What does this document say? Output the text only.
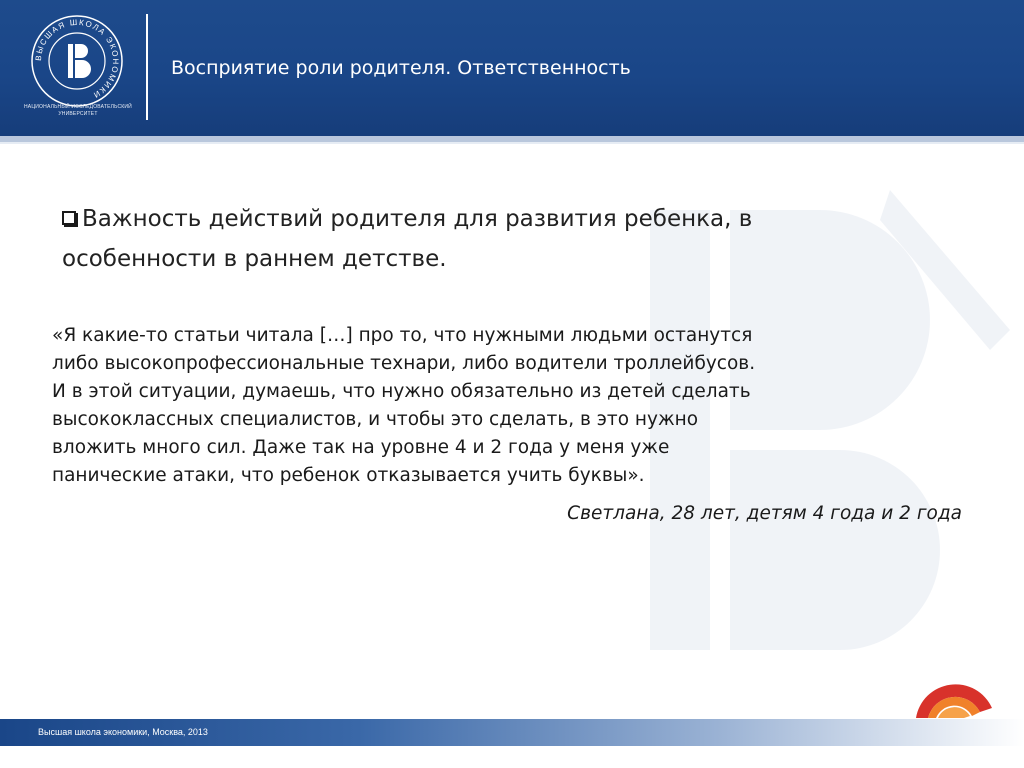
ВЫСШАЯ ШКОЛА ЭКОНОМИКИ
НАЦИОНАЛЬНЫЙ ИССЛЕДОВАТЕЛЬСКИЙ УНИВЕРСИТЕТ
Восприятие роли родителя. Ответственность
Важность действий родителя для развития ребенка, в
особенности в раннем детстве.
«Я какие-то статьи читала […] про то, что нужными людьми останутся
либо высокопрофессиональные технари, либо водители троллейбусов.
И в этой ситуации, думаешь, что нужно обязательно из детей сделать
высококлассных специалистов, и чтобы это сделать, в это нужно
вложить много сил. Даже так на уровне 4 и 2 года у меня уже
панические атаки, что ребенок отказывается учить буквы».
Светлана, 28 лет, детям 4 года и 2 года
Высшая школа экономики, Москва, 2013
